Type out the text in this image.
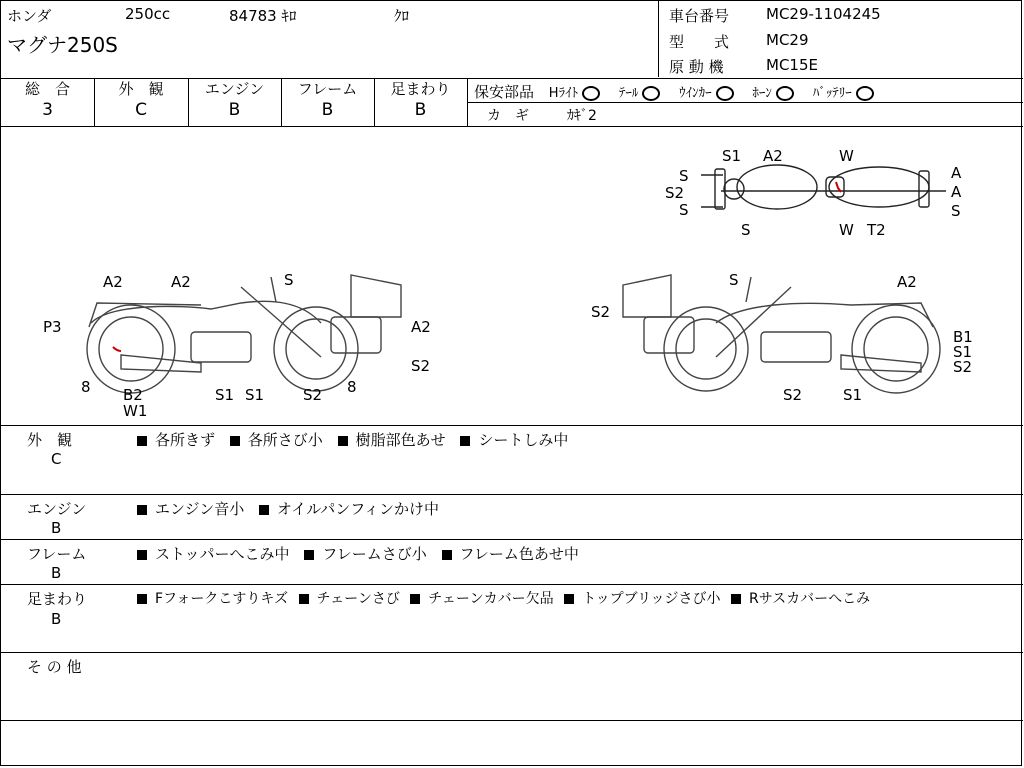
ホンダ	250cc	84783 ｷﾛ	ｸﾛ
マグナ250S
車台番号 MC29-1104245
型　　式 MC29
原 動 機	MC15E
総　合
3
外　観
C
エンジン
B
フレーム
B
足まわり
B
保安部品 Hﾗｲﾄ	ﾃｰﾙ	ｳｲﾝｶｰ	ﾎｰﾝ	ﾊﾞｯﾃﾘｰ
カ　ギ	ｶｷﾞ2
S
S2
S
S1 A2
S
W
W T2
A
A
S
A2	A2	S
P3	A2
8 B2
W1
S1 S1	S2 8
S2
S	A2
S2
B1
S1
S2
S2	S1
外　観
C
各所きず 各所さび小 樹脂部色あせ シートしみ中
エンジン
B
エンジン音小 オイルパンフィンかけ中
フレーム
B
ストッパーへこみ中 フレームさび小 フレーム色あせ中
足まわり
B
Fフォークこすりキズ チェーンさび チェーンカバー欠品 トップブリッジさび小 Rサスカバーへこみ
そ の 他
